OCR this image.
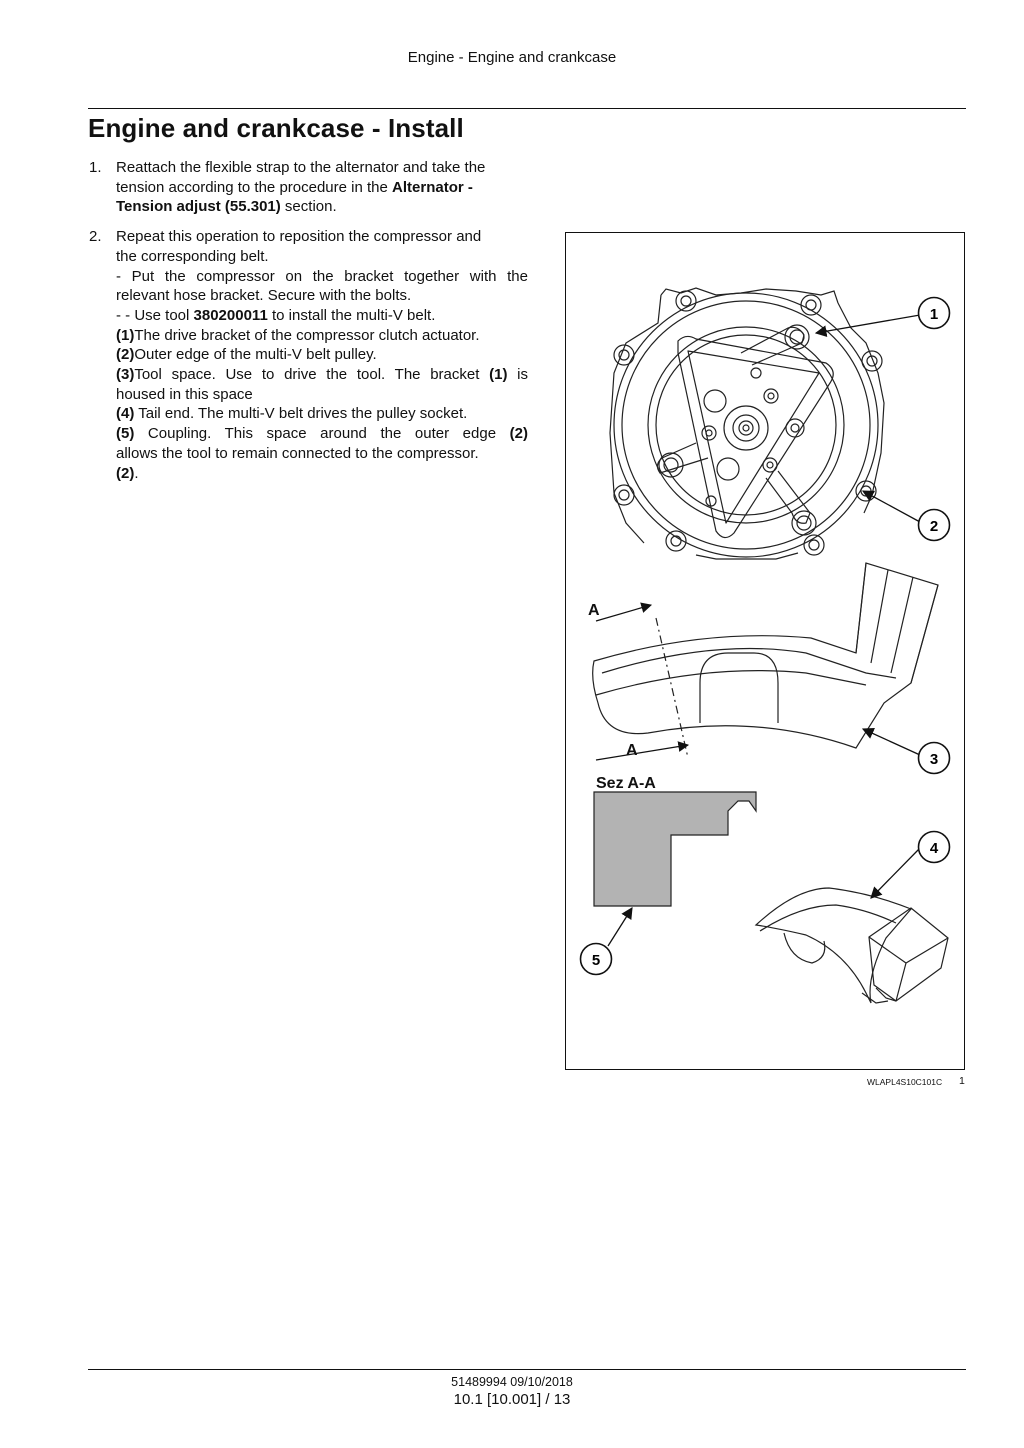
Engine - Engine and crankcase
Engine and crankcase - Install
1. Reattach the flexible strap to the alternator and take the
tension according to the procedure in the Alternator -
Tension adjust (55.301) section.
2. Repeat this operation to reposition the compressor and
the corresponding belt.
- Put the compressor on the bracket together with the
relevant hose bracket. Secure with the bolts.
- - Use tool 380200011 to install the multi-V belt.
(1)The drive bracket of the compressor clutch actuator.
(2)Outer edge of the multi-V belt pulley.
(3)Tool space. Use to drive the tool. The bracket (1) is
housed in this space
(4) Tail end. The multi-V belt drives the pulley socket.
(5) Coupling. This space around the outer edge (2)
allows the tool to remain connected to the compressor.
(2).
A
A
Sez A-A
1
2
3
4
5
WLAPL4S10C101C 1
51489994 09/10/2018
10.1 [10.001] / 13
